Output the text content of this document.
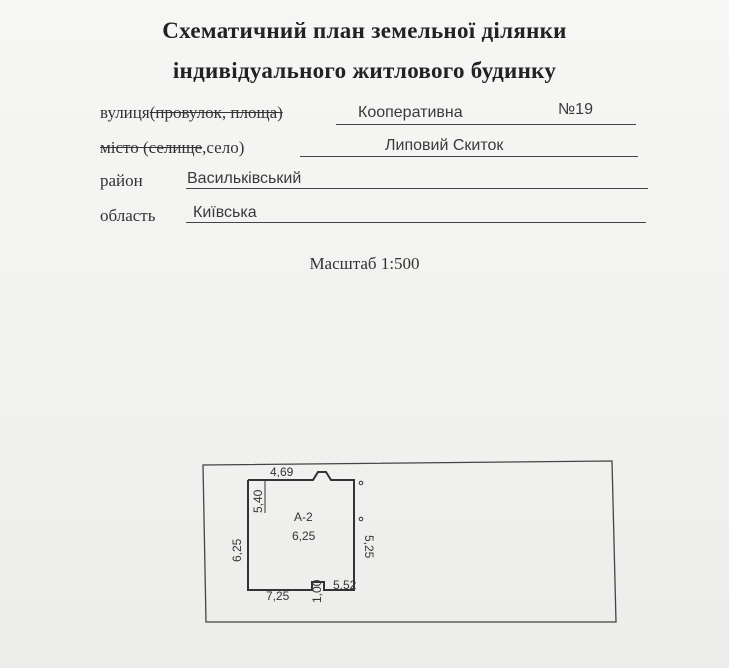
Схематичний план земельної ділянки
індивідуального житлового будинку
вулиця(провулок, площа)	Кооперативна	№19
місто (селище,село)	Липовий Скиток
район	Васильківський
область Київська
Масштаб 1:500
А-2
6,25
4,69
5,40
6,25	5,25
7,25 1,00 5,52
